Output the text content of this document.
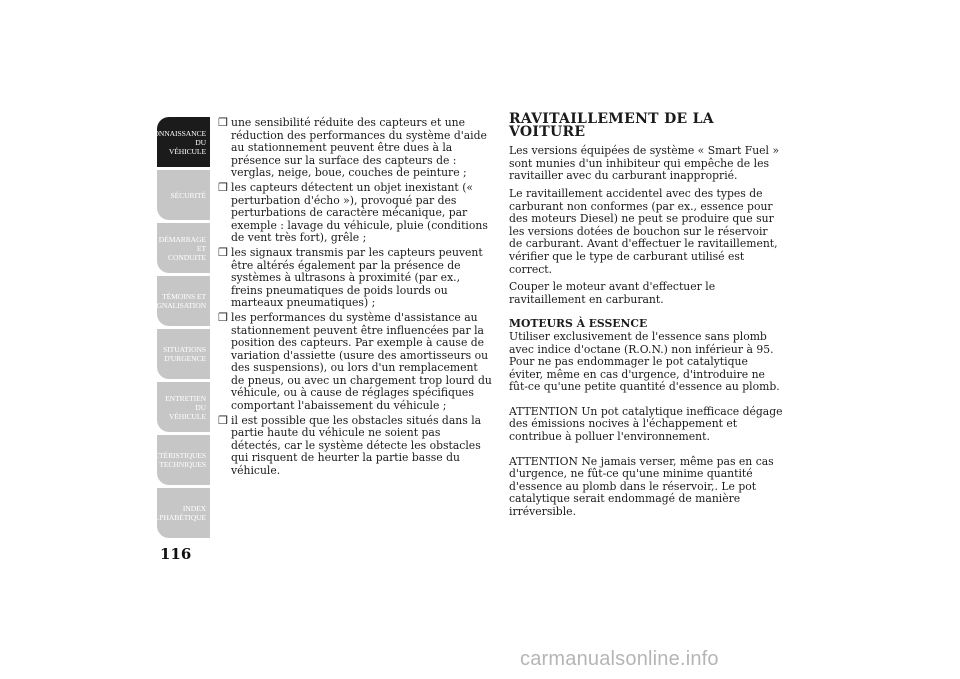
CONNAISSANCE DU
VÉHICULE
SÉCURITÉ
DÉMARRAGE ET
CONDUITE
TÉMOINS ET
SIGNALISATION
SITUATIONS
D'URGENCE
ENTRETIEN DU
VÉHICULE
CARACTÉRISTIQUES
TECHNIQUES
INDEX
ALPHABÉTIQUE
116
❒ une sensibilité réduite des capteurs et une réduction des performances du système d'aide au stationnement peuvent être dues à la présence sur la surface des capteurs de : verglas, neige, boue, couches de peinture ;
❒ les capteurs détectent un objet inexistant (« perturbation d'écho »), provoqué par des perturbations de caractère mécanique, par exemple : lavage du véhicule, pluie (conditions de vent très fort), grêle ;
❒ les signaux transmis par les capteurs peuvent être altérés également par la présence de systèmes à ultrasons à proximité (par ex., freins pneumatiques de poids lourds ou marteaux pneumatiques) ;
❒ les performances du système d'assistance au stationnement peuvent être influencées par la position des capteurs. Par exemple à cause de variation d'assiette (usure des amortisseurs ou des suspensions), ou lors d'un remplacement de pneus, ou avec un chargement trop lourd du véhicule, ou à cause de réglages spécifiques comportant l'abaissement du véhicule ;
❒ il est possible que les obstacles situés dans la partie haute du véhicule ne soient pas détectés, car le système détecte les obstacles qui risquent de heurter la partie basse du véhicule.
RAVITAILLEMENT DE LA VOITURE

Les versions équipées de système « Smart Fuel » sont munies d'un inhibiteur qui empêche de les ravitailler avec du carburant inapproprié.

Le ravitaillement accidentel avec des types de carburant non conformes (par ex., essence pour des moteurs Diesel) ne peut se produire que sur les versions dotées de bouchon sur le réservoir de carburant. Avant d'effectuer le ravitaillement, vérifier que le type de carburant utilisé est correct.

Couper le moteur avant d'effectuer le ravitaillement en carburant.

MOTEURS À ESSENCE

Utiliser exclusivement de l'essence sans plomb avec indice d'octane (R.O.N.) non inférieur à 95. Pour ne pas endommager le pot catalytique éviter, même en cas d'urgence, d'introduire ne fût-ce qu'une petite quantité d'essence au plomb.

ATTENTION Un pot catalytique inefficace dégage des émissions nocives à l'échappement et contribue à polluer l'environnement.

ATTENTION Ne jamais verser, même pas en cas d'urgence, ne fût-ce qu'une minime quantité d'essence au plomb dans le réservoir,. Le pot catalytique serait endommagé de manière irréversible.

carmanualsonline.info
